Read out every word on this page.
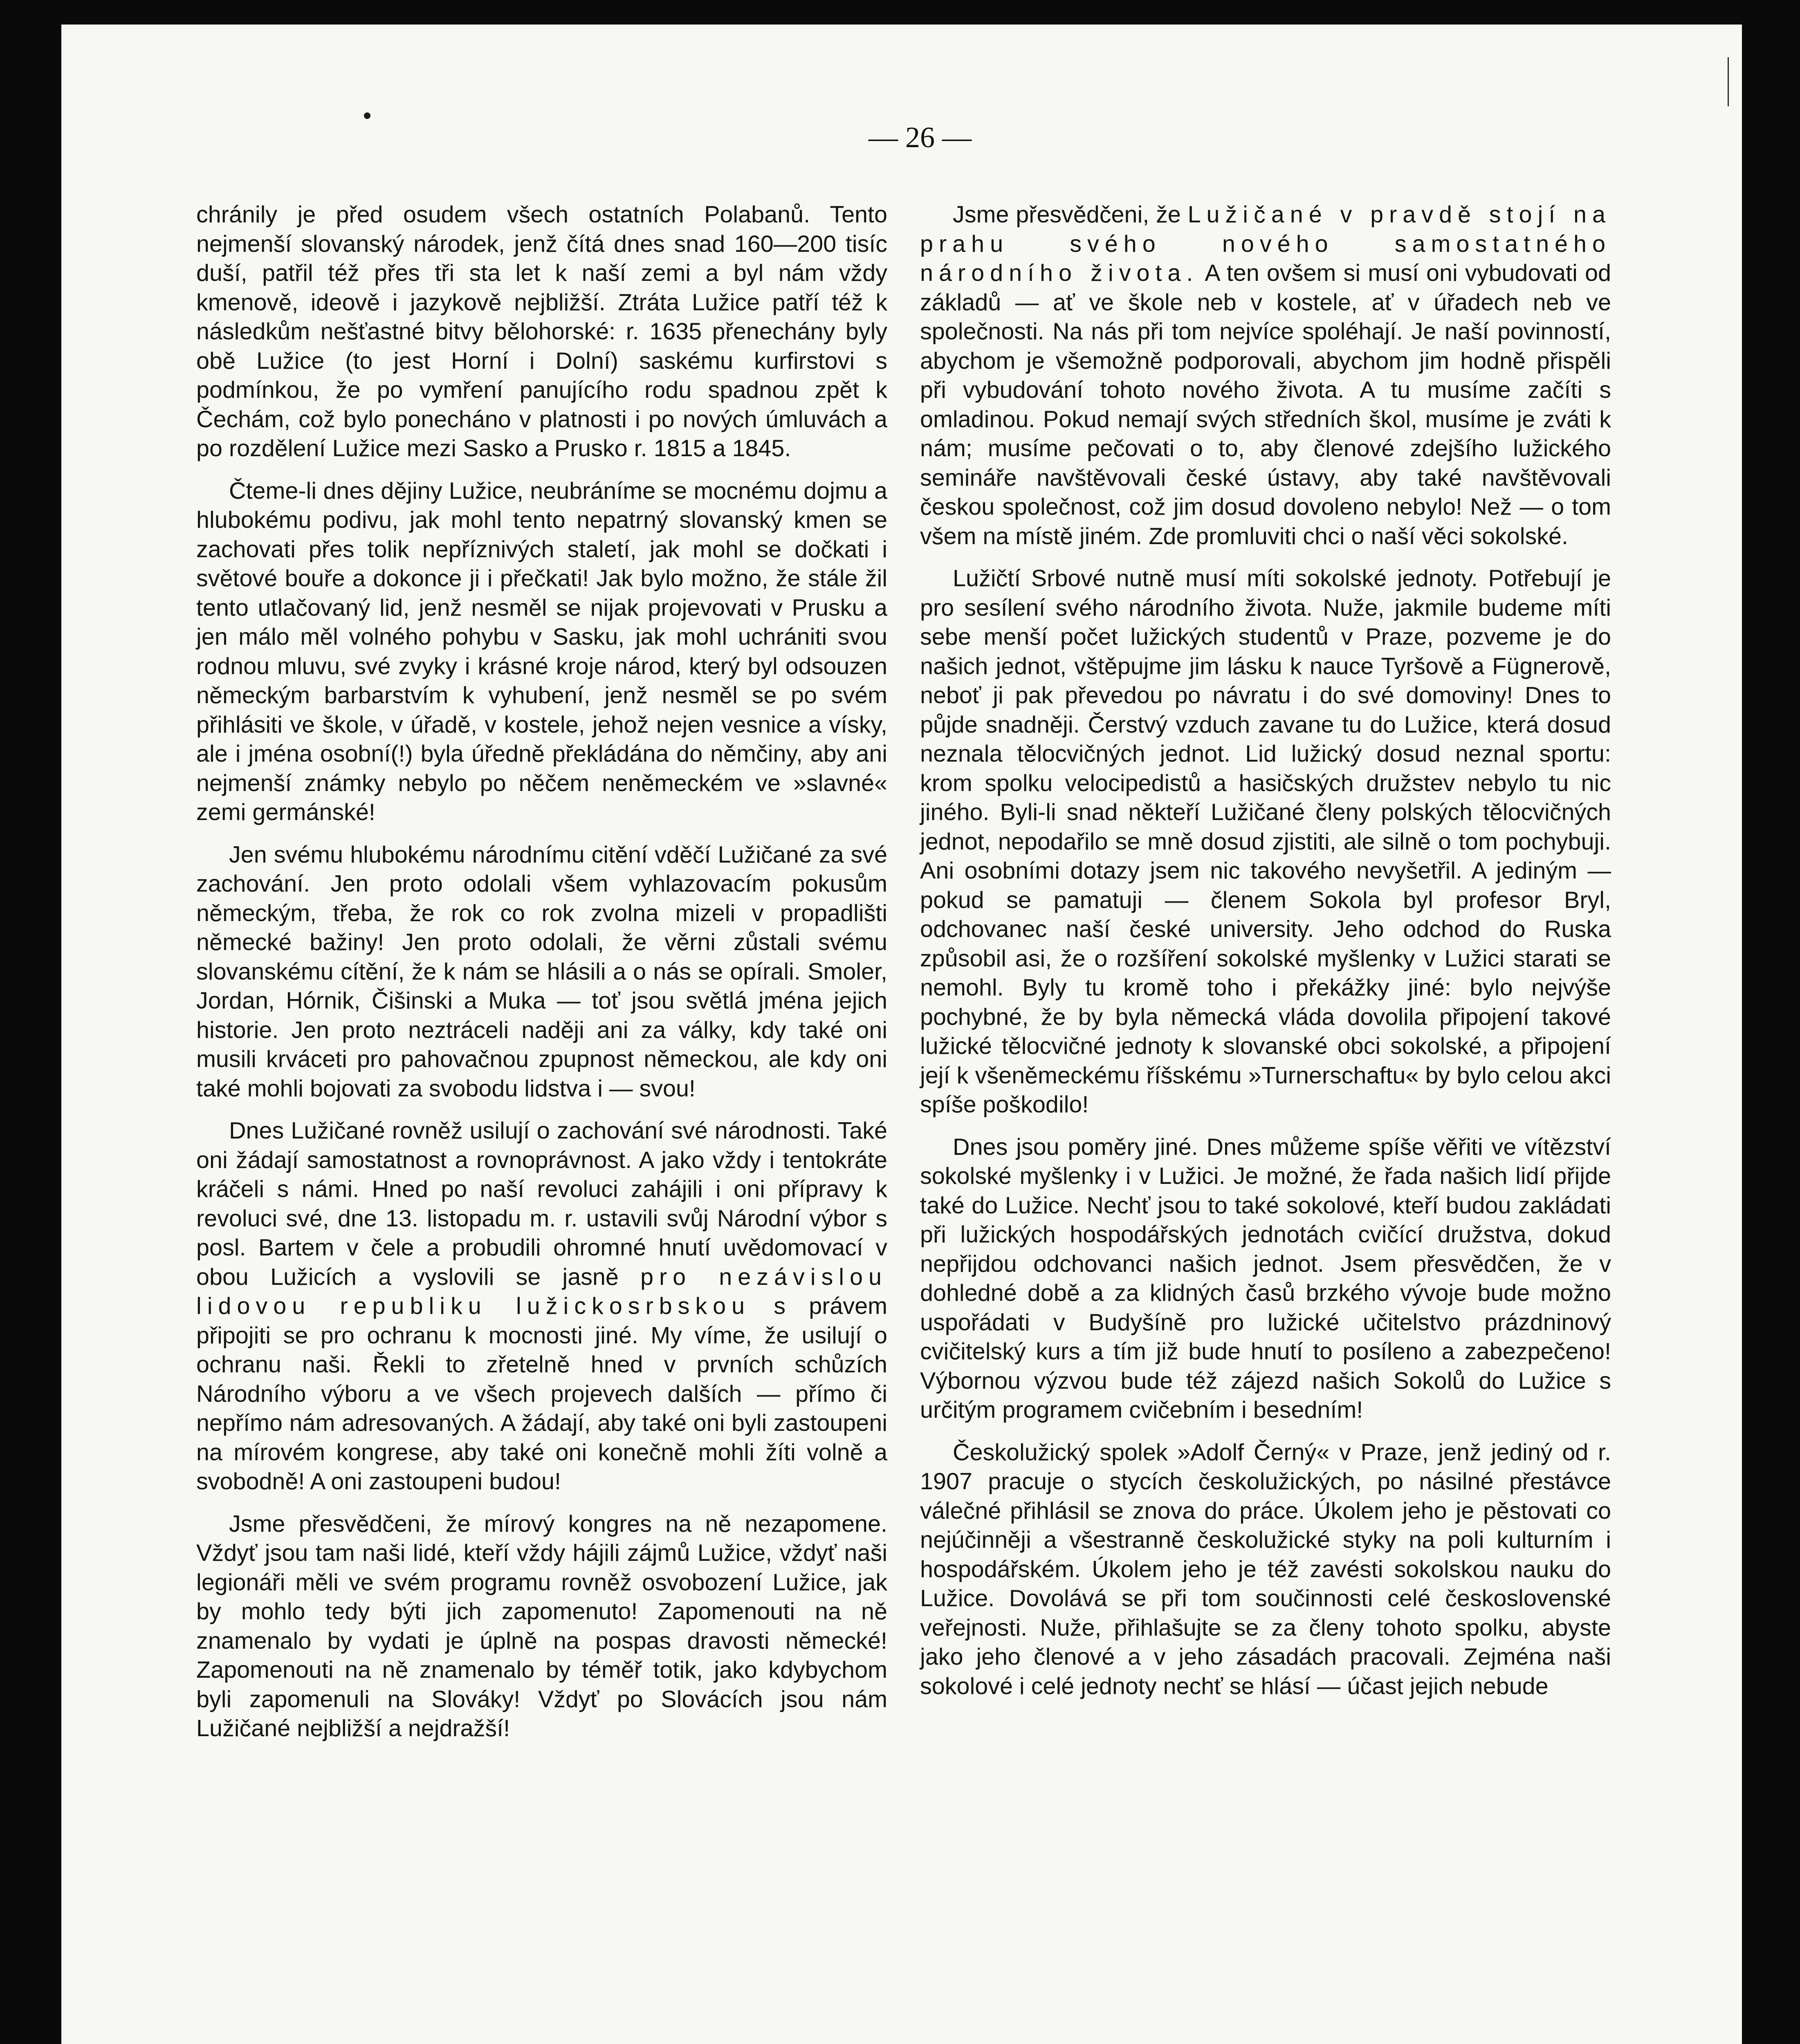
— 26 —

chránily je před osudem všech ostatních Polabanů. Tento nejmenší slovanský národek, jenž čítá dnes snad 160—200 tisíc duší, patřil též přes tři sta let k naší zemi a byl nám vždy kmenově, ideově i jazykově nejbližší. Ztráta Lužice patří též k následkům nešťastné bitvy bělohorské: r. 1635 přenechány byly obě Lužice (to jest Horní i Dolní) saskému kurfirstovi s podmínkou, že po vymření panujícího rodu spadnou zpět k Čechám, což bylo ponecháno v platnosti i po nových úmluvách a po rozdělení Lužice mezi Sasko a Prusko r. 1815 a 1845.

Čteme-li dnes dějiny Lužice, neubráníme se mocnému dojmu a hlubokému podivu, jak mohl tento nepatrný slovanský kmen se zachovati přes tolik nepříznivých staletí, jak mohl se dočkati i světové bouře a dokonce ji i přečkati! Jak bylo možno, že stále žil tento utlačovaný lid, jenž nesměl se nijak projevovati v Prusku a jen málo měl volného pohybu v Sasku, jak mohl uchrániti svou rodnou mluvu, své zvyky i krásné kroje národ, který byl odsouzen německým barbarstvím k vyhubení, jenž nesměl se po svém přihlásiti ve škole, v úřadě, v kostele, jehož nejen vesnice a vísky, ale i jména osobní(!) byla úředně překládána do němčiny, aby ani nejmenší známky nebylo po něčem neněmeckém ve »slavné« zemi germánské!

Jen svému hlubokému národnímu citění vděčí Lužičané za své zachování. Jen proto odolali všem vyhlazovacím pokusům německým, třeba, že rok co rok zvolna mizeli v propadlišti německé bažiny! Jen proto odolali, že věrni zůstali svému slovanskému cítění, že k nám se hlásili a o nás se opírali. Smoler, Jordan, Hórnik, Čišinski a Muka — toť jsou světlá jména jejich historie. Jen proto neztráceli naději ani za války, kdy také oni musili krváceti pro pahovačnou zpupnost německou, ale kdy oni také mohli bojovati za svobodu lidstva i — svou!

Dnes Lužičané rovněž usilují o zachování své národnosti. Také oni žádají samostatnost a rovnoprávnost. A jako vždy i tentokráte kráčeli s námi. Hned po naší revoluci zahájili i oni přípravy k revoluci své, dne 13. listopadu m. r. ustavili svůj Národní výbor s posl. Bartem v čele a probudili ohromné hnutí uvědomovací v obou Lužicích a vyslovili se jasně pro nezávislou lidovou republiku lužickosrbskou s právem připojiti se pro ochranu k mocnosti jiné. My víme, že usilují o ochranu naši. Řekli to zřetelně hned v prvních schůzích Národního výboru a ve všech projevech dalších — přímo či nepřímo nám adresovaných. A žádají, aby také oni byli zastoupeni na mírovém kongrese, aby také oni konečně mohli žíti volně a svobodně! A oni zastoupeni budou!

Jsme přesvědčeni, že mírový kongres na ně nezapomene. Vždyť jsou tam naši lidé, kteří vždy hájili zájmů Lužice, vždyť naši legionáři měli ve svém programu rovněž osvobození Lužice, jak by mohlo tedy býti jich zapomenuto! Zapomenouti na ně znamenalo by vydati je úplně na pospas dravosti německé! Zapomenouti na ně znamenalo by téměř totik, jako kdybychom byli zapomenuli na Slováky! Vždyť po Slovácích jsou nám Lužičané nejbližší a nejdražší!

Jsme přesvědčeni, že Lužičané v pravdě stojí na prahu svého nového samostatného národního života. A ten ovšem si musí oni vybudovati od základů — ať ve škole neb v kostele, ať v úřadech neb ve společnosti. Na nás při tom nejvíce spoléhají. Je naší povinností, abychom je všemožně podporovali, abychom jim hodně přispěli při vybudování tohoto nového života. A tu musíme začíti s omladinou. Pokud nemají svých středních škol, musíme je zváti k nám; musíme pečovati o to, aby členové zdejšího lužického semináře navštěvovali české ústavy, aby také navštěvovali českou společnost, což jim dosud dovoleno nebylo! Než — o tom všem na místě jiném. Zde promluviti chci o naší věci sokolské.

Lužičtí Srbové nutně musí míti sokolské jednoty. Potřebují je pro sesílení svého národního života. Nuže, jakmile budeme míti sebe menší počet lužických studentů v Praze, pozveme je do našich jednot, vštěpujme jim lásku k nauce Tyršově a Fügnerově, neboť ji pak převedou po návratu i do své domoviny! Dnes to půjde snadněji. Čerstvý vzduch zavane tu do Lužice, která dosud neznala tělocvičných jednot. Lid lužický dosud neznal sportu: krom spolku velocipedistů a hasičských družstev nebylo tu nic jiného. Byli-li snad někteří Lužičané členy polských tělocvičných jednot, nepodařilo se mně dosud zjistiti, ale silně o tom pochybuji. Ani osobními dotazy jsem nic takového nevyšetřil. A jediným — pokud se pamatuji — členem Sokola byl profesor Bryl, odchovanec naší české university. Jeho odchod do Ruska způsobil asi, že o rozšíření sokolské myšlenky v Lužici starati se nemohl. Byly tu kromě toho i překážky jiné: bylo nejvýše pochybné, že by byla německá vláda dovolila připojení takové lužické tělocvičné jednoty k slovanské obci sokolské, a připojení její k všeněmeckému říšskému »Turnerschaftu« by bylo celou akci spíše poškodilo!

Dnes jsou poměry jiné. Dnes můžeme spíše věřiti ve vítězství sokolské myšlenky i v Lužici. Je možné, že řada našich lidí přijde také do Lužice. Nechť jsou to také sokolové, kteří budou zakládati při lužických hospodářských jednotách cvičící družstva, dokud nepřijdou odchovanci našich jednot. Jsem přesvědčen, že v dohledné době a za klidných časů brzkého vývoje bude možno uspořádati v Budyšíně pro lužické učitelstvo prázdninový cvičitelský kurs a tím již bude hnutí to posíleno a zabezpečeno! Výbornou výzvou bude též zájezd našich Sokolů do Lužice s určitým programem cvičebním i besedním!

Českolužický spolek »Adolf Černý« v Praze, jenž jediný od r. 1907 pracuje o stycích českolužických, po násilné přestávce válečné přihlásil se znova do práce. Úkolem jeho je pěstovati co nejúčinněji a všestranně českolužické styky na poli kulturním i hospodářském. Úkolem jeho je též zavésti sokolskou nauku do Lužice. Dovolává se při tom součinnosti celé československé veřejnosti. Nuže, přihlašujte se za členy tohoto spolku, abyste jako jeho členové a v jeho zásadách pracovali. Zejména naši sokolové i celé jednoty nechť se hlásí — účast jejich nebude
